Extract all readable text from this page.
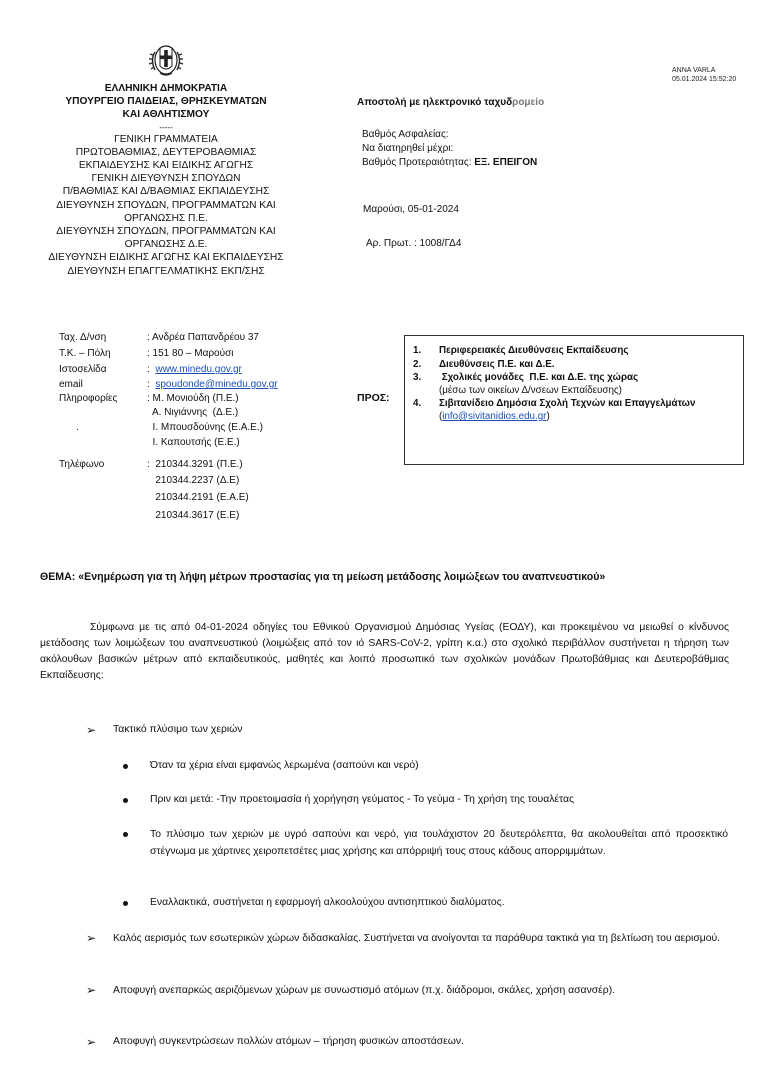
ANNA VARLA
05.01.2024 15:52:20
ΕΛΛΗΝΙΚΗ ΔΗΜΟΚΡΑΤΙΑ
ΥΠΟΥΡΓΕΙΟ ΠΑΙΔΕΙΑΣ, ΘΡΗΣΚΕΥΜΑΤΩΝ
ΚΑΙ ΑΘΛΗΤΙΣΜΟΥ
-----
ΓΕΝΙΚΗ ΓΡΑΜΜΑΤΕΙΑ
ΠΡΩΤΟΒΑΘΜΙΑΣ, ΔΕΥΤΕΡΟΒΑΘΜΙΑΣ
ΕΚΠΑΙΔΕΥΣΗΣ ΚΑΙ ΕΙΔΙΚΗΣ ΑΓΩΓΗΣ
ΓΕΝΙΚΗ ΔΙΕΥΘΥΝΣΗ ΣΠΟΥΔΩΝ
Π/ΒΑΘΜΙΑΣ ΚΑΙ Δ/ΒΑΘΜΙΑΣ ΕΚΠΑΙΔΕΥΣΗΣ
ΔΙΕΥΘΥΝΣΗ ΣΠΟΥΔΩΝ, ΠΡΟΓΡΑΜΜΑΤΩΝ ΚΑΙ
ΟΡΓΑΝΩΣΗΣ Π.Ε.
ΔΙΕΥΘΥΝΣΗ ΣΠΟΥΔΩΝ, ΠΡΟΓΡΑΜΜΑΤΩΝ ΚΑΙ
ΟΡΓΑΝΩΣΗΣ Δ.Ε.
ΔΙΕΥΘΥΝΣΗ ΕΙΔΙΚΗΣ ΑΓΩΓΗΣ ΚΑΙ ΕΚΠΑΙΔΕΥΣΗΣ
ΔΙΕΥΘΥΝΣΗ ΕΠΑΓΓΕΛΜΑΤΙΚΗΣ ΕΚΠ/ΣΗΣ
Αποστολή με ηλεκτρονικό ταχυδρομείο
Βαθμός Ασφαλείας:
Να διατηρηθεί μέχρι:
Βαθμός Προτεραιότητας: ΕΞ. ΕΠΕΙΓΟΝ
Μαρούσι, 05-01-2024
Αρ. Πρωτ. : 1008/ΓΔ4
Ταχ. Δ/νση	: Ανδρέα Παπανδρέου 37
Τ.Κ. – Πόλη	: 151 80 – Μαρούσι
Ιστοσελίδα	:  www.minedu.gov.gr
email	:  spoudonde@minedu.gov.gr
Πληροφορίες	: Μ. Μονιούδη (Π.Ε.)
Α. Νιγιάννης  (Δ.Ε.)
.	Ι. Μπουσδούνης (Ε.Α.Ε.)
Ι. Καπουτσής (Ε.Ε.)
Τηλέφωνο	:  210344.3291 (Π.Ε.)
210344.2237 (Δ.Ε)
210344.2191 (Ε.Α.Ε)
210344.3617 (Ε.Ε)
ΠΡΟΣ:
1. Περιφερειακές Διευθύνσεις Εκπαίδευσης
2. Διευθύνσεις Π.Ε. και Δ.Ε.
3. Σχολικές μονάδες  Π.Ε. και Δ.Ε. της χώρας
(μέσω των οικείων Δ/νσεων Εκπαίδευσης)
4. Σιβιτανίδειο Δημόσια Σχολή Τεχνών και Επαγγελμάτων
(info@sivitanidios.edu.gr)
ΘΕΜΑ: «Ενημέρωση για τη λήψη μέτρων προστασίας για τη μείωση μετάδοσης λοιμώξεων του αναπνευστικού»
Σύμφωνα με τις από 04-01-2024 οδηγίες του Εθνικού Οργανισμού Δημόσιας Υγείας (ΕΟΔΥ), και προκειμένου να μειωθεί ο κίνδυνος μετάδοσης των λοιμώξεων του αναπνευστικού (λοιμώξεις από τον ιό SARS-CoV-2, γρίπη κ.α.) στο σχολικό περιβάλλον συστήνεται η τήρηση των ακόλουθων βασικών μέτρων από εκπαιδευτικούς, μαθητές και λοιπό προσωπικό των σχολικών μονάδων Πρωτοβάθμιας και Δευτεροβάθμιας Εκπαίδευσης:
➢ Τακτικό πλύσιμο των χεριών
Όταν τα χέρια είναι εμφανώς λερωμένα (σαπούνι και νερό)
Πριν και μετά: -Την προετοιμασία ή χορήγηση γεύματος - Το γεύμα - Τη χρήση της τουαλέτας
Το πλύσιμο των χεριών με υγρό σαπούνι και νερό, για τουλάχιστον 20 δευτερόλεπτα, θα ακολουθείται από προσεκτικό στέγνωμα με χάρτινες χειροπετσέτες μιας χρήσης και απόρριψή τους στους κάδους απορριμμάτων.
Εναλλακτικά, συστήνεται η εφαρμογή αλκοολούχου αντισηπτικού διαλύματος.
➢ Καλός αερισμός των εσωτερικών χώρων διδασκαλίας. Συστήνεται να ανοίγονται τα παράθυρα τακτικά για τη βελτίωση του αερισμού.
➢ Αποφυγή ανεπαρκώς αεριζόμενων χώρων με συνωστισμό ατόμων (π.χ. διάδρομοι, σκάλες, χρήση ασανσέρ).
➢ Αποφυγή συγκεντρώσεων πολλών ατόμων – τήρηση φυσικών αποστάσεων.
